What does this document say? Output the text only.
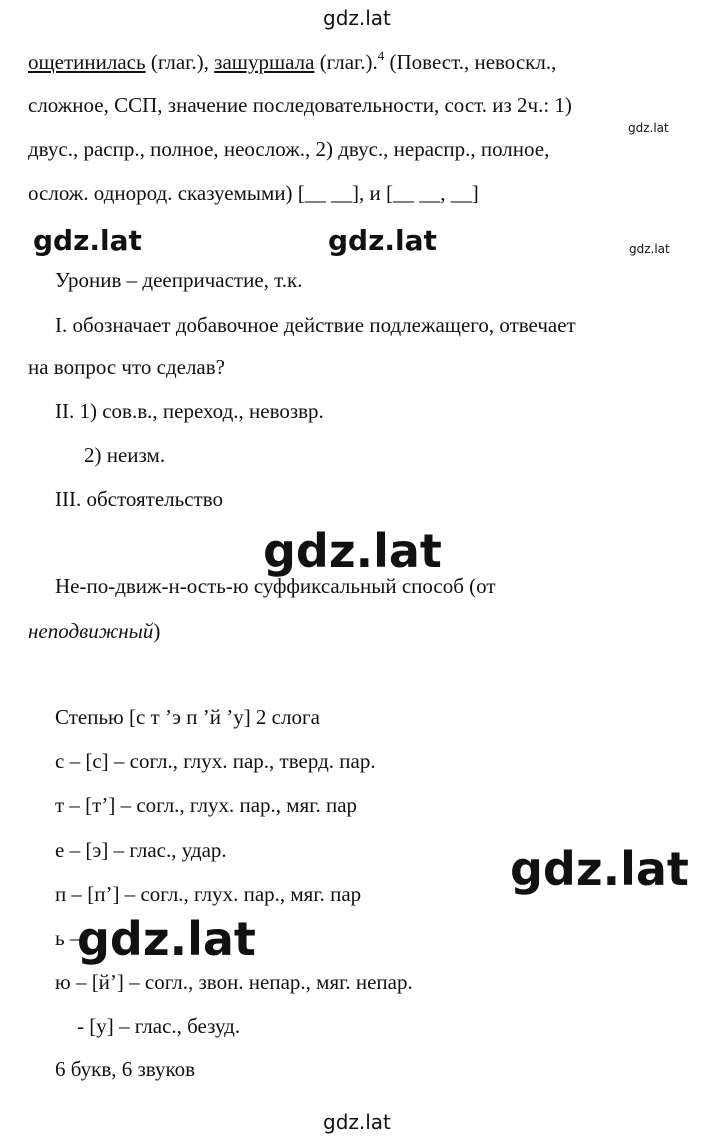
gdz.lat
ощетинилась (глаг.), зашуршала (глаг.).$^4$ (Повест., невоскл.,
сложное, ССП, значение последовательности, сост. из 2ч.: 1)
gdz.lat
двус., распр., полное, неослож., 2) двус., нераспр., полное,
ослож. однород. сказуемыми) [__ __], и [__ __, __]
gdz.lat	gdz.lat	gdz.lat
Уронив – деепричастие, т.к.
I. обозначает добавочное действие подлежащего, отвечает
на вопрос что сделав?
II. 1) сов.в., переход., невозвр.
2) неизм.
III. обстоятельство
gdz.lat
Не-по-движ-н-ость-ю суффиксальный способ (от
неподвижный)
Степью [с т ’э п ’й ’у] 2 слога
с – [с] – согл., глух. пар., тверд. пар.
т – [т’] – согл., глух. пар., мяг. пар
е – [э] – глас., удар.	gdz.lat
п – [п’] – согл., глух. пар., мяг. пар
ь –
gdz.lat
ю – [й’] – согл., звон. непар., мяг. непар.
- [у] – глас., безуд.
6 букв, 6 звуков
gdz.lat
